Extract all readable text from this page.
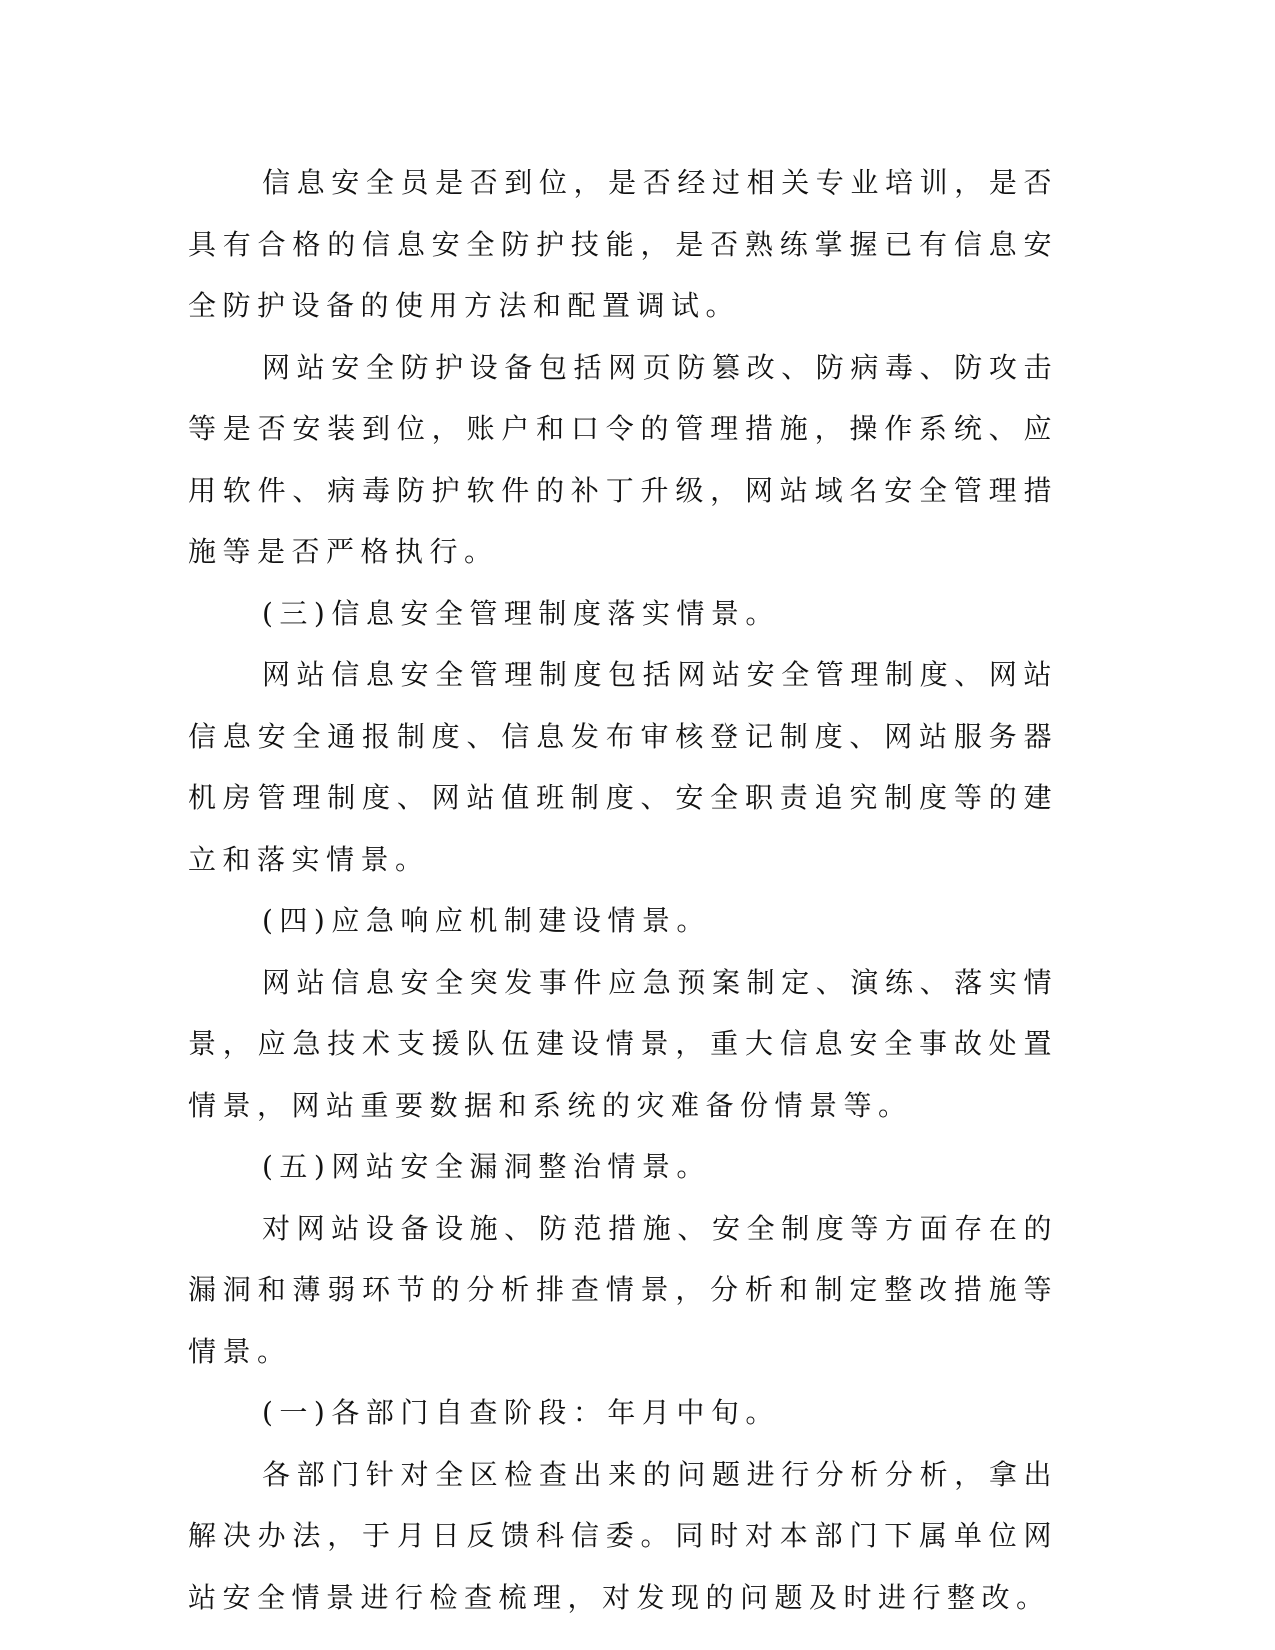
信息安全员是否到位，是否经过相关专业培训，是否具有合格的信息安全防护技能，是否熟练掌握已有信息安全防护设备的使用方法和配置调试。

网站安全防护设备包括网页防篡改、防病毒、防攻击等是否安装到位，账户和口令的管理措施，操作系统、应用软件、病毒防护软件的补丁升级，网站域名安全管理措施等是否严格执行。

(三)信息安全管理制度落实情景。

网站信息安全管理制度包括网站安全管理制度、网站信息安全通报制度、信息发布审核登记制度、网站服务器机房管理制度、网站值班制度、安全职责追究制度等的建立和落实情景。

(四)应急响应机制建设情景。

网站信息安全突发事件应急预案制定、演练、落实情景，应急技术支援队伍建设情景，重大信息安全事故处置情景，网站重要数据和系统的灾难备份情景等。

(五)网站安全漏洞整治情景。

对网站设备设施、防范措施、安全制度等方面存在的漏洞和薄弱环节的分析排查情景，分析和制定整改措施等情景。

(一)各部门自查阶段：年月中旬。

各部门针对全区检查出来的问题进行分析分析，拿出解决办法，于月日反馈科信委。同时对本部门下属单位网站安全情景进行检查梳理，对发现的问题及时进行整改。
